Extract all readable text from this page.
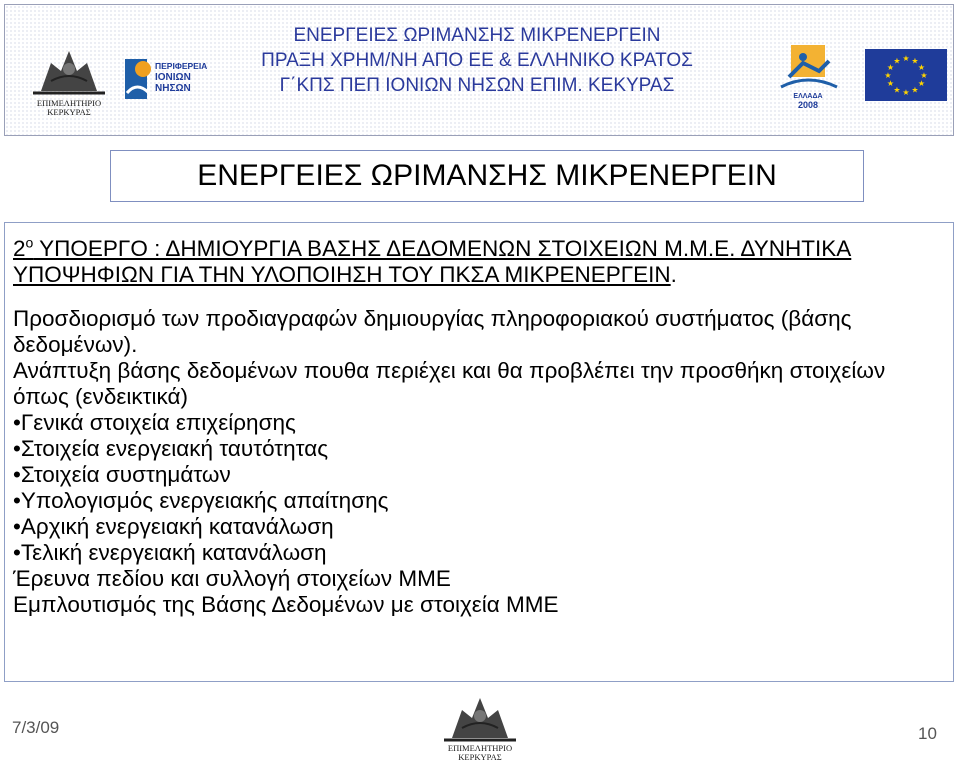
ΕΠΙΜΕΛΗΤΗΡΙΟ
ΚΕΡΚΥΡΑΣ
ΠΕΡΙΦΕΡΕΙΑ
ΙΟΝΙΩΝ
ΝΗΣΩΝ
ΕΝΕΡΓΕΙΕΣ ΩΡΙΜΑΝΣΗΣ ΜΙΚΡΕΝΕΡΓΕΙΝ
ΠΡΑΞΗ ΧΡΗΜ/ΝΗ ΑΠΟ ΕΕ & ΕΛΛΗΝΙΚΟ ΚΡΑΤΟΣ
Γ΄ΚΠΣ ΠΕΠ ΙΟΝΙΩΝ ΝΗΣΩΝ ΕΠΙΜ. ΚΕΚΥΡΑΣ
ΕΛΛΑΔΑ
2008
★ ★
★
★
★
★
★
★
★
★
★
★
ΕΝΕΡΓΕΙΕΣ ΩΡΙΜΑΝΣΗΣ ΜΙΚΡΕΝΕΡΓΕΙΝ

$2^o$ ΥΠΟΕΡΓΟ : ΔΗΜΙΟΥΡΓΙΑ ΒΑΣΗΣ ΔΕΔΟΜΕΝΩΝ ΣΤΟΙΧΕΙΩΝ Μ.Μ.Ε. ΔΥΝΗΤΙΚΑ ΥΠΟΨΗΦΙΩΝ ΓΙΑ ΤΗΝ ΥΛΟΠΟΙΗΣΗ ΤΟΥ ΠΚΣΑ ΜΙΚΡΕΝΕΡΓΕΙΝ.

Προσδιορισμό των προδιαγραφών δημιουργίας πληροφοριακού συστήματος (βάσης δεδομένων).

Ανάπτυξη βάσης δεδομένων πουθα περιέχει και θα προβλέπει την προσθήκη στοιχείων όπως (ενδεικτικά)

• Γενικά στοιχεία επιχείρησης

• Στοιχεία ενεργειακή ταυτότητας

• Στοιχεία συστημάτων

• Υπολογισμός ενεργειακής απαίτησης

• Αρχική ενεργειακή κατανάλωση

• Τελική ενεργειακή κατανάλωση

Έρευνα πεδίου και συλλογή στοιχείων ΜΜΕ

Εμπλουτισμός της Βάσης Δεδομένων με στοιχεία ΜΜΕ

7/3/09
ΕΠΙΜΕΛΗΤΗΡΙΟ
ΚΕΡΚΥΡΑΣ
10
